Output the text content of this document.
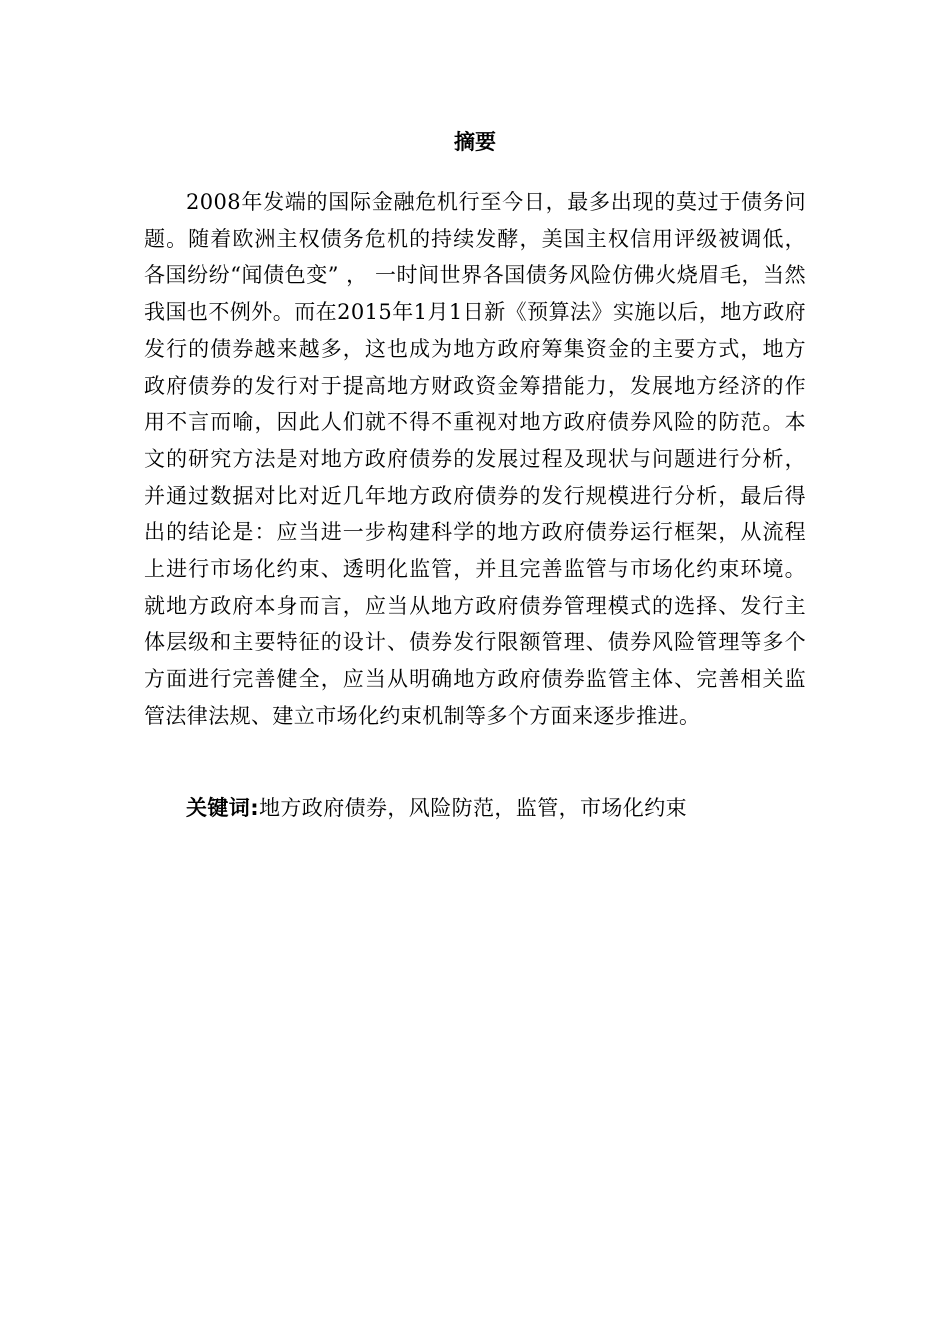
摘要

2008年发端的国际金融危机行至今日，最多出现的莫过于债务问题。随着欧洲主权债务危机的持续发酵，美国主权信用评级被调低，各国纷纷“闻债色变” ， 一时间世界各国债务风险仿佛火烧眉毛，当然我国也不例外。而在2015年1月1日新《预算法》实施以后，地方政府发行的债券越来越多，这也成为地方政府筹集资金的主要方式，地方政府债券的发行对于提高地方财政资金筹措能力，发展地方经济的作用不言而喻，因此人们就不得不重视对地方政府债券风险的防范。本文的研究方法是对地方政府债券的发展过程及现状与问题进行分析，并通过数据对比对近几年地方政府债券的发行规模进行分析，最后得出的结论是：应当进一步构建科学的地方政府债券运行框架，从流程上进行市场化约束、透明化监管，并且完善监管与市场化约束环境。就地方政府本身而言，应当从地方政府债券管理模式的选择、发行主体层级和主要特征的设计、债券发行限额管理、债券风险管理等多个方面进行完善健全，应当从明确地方政府债券监管主体、完善相关监管法律法规、建立市场化约束机制等多个方面来逐步推进。

关键词:地方政府债券，风险防范，监管，市场化约束
